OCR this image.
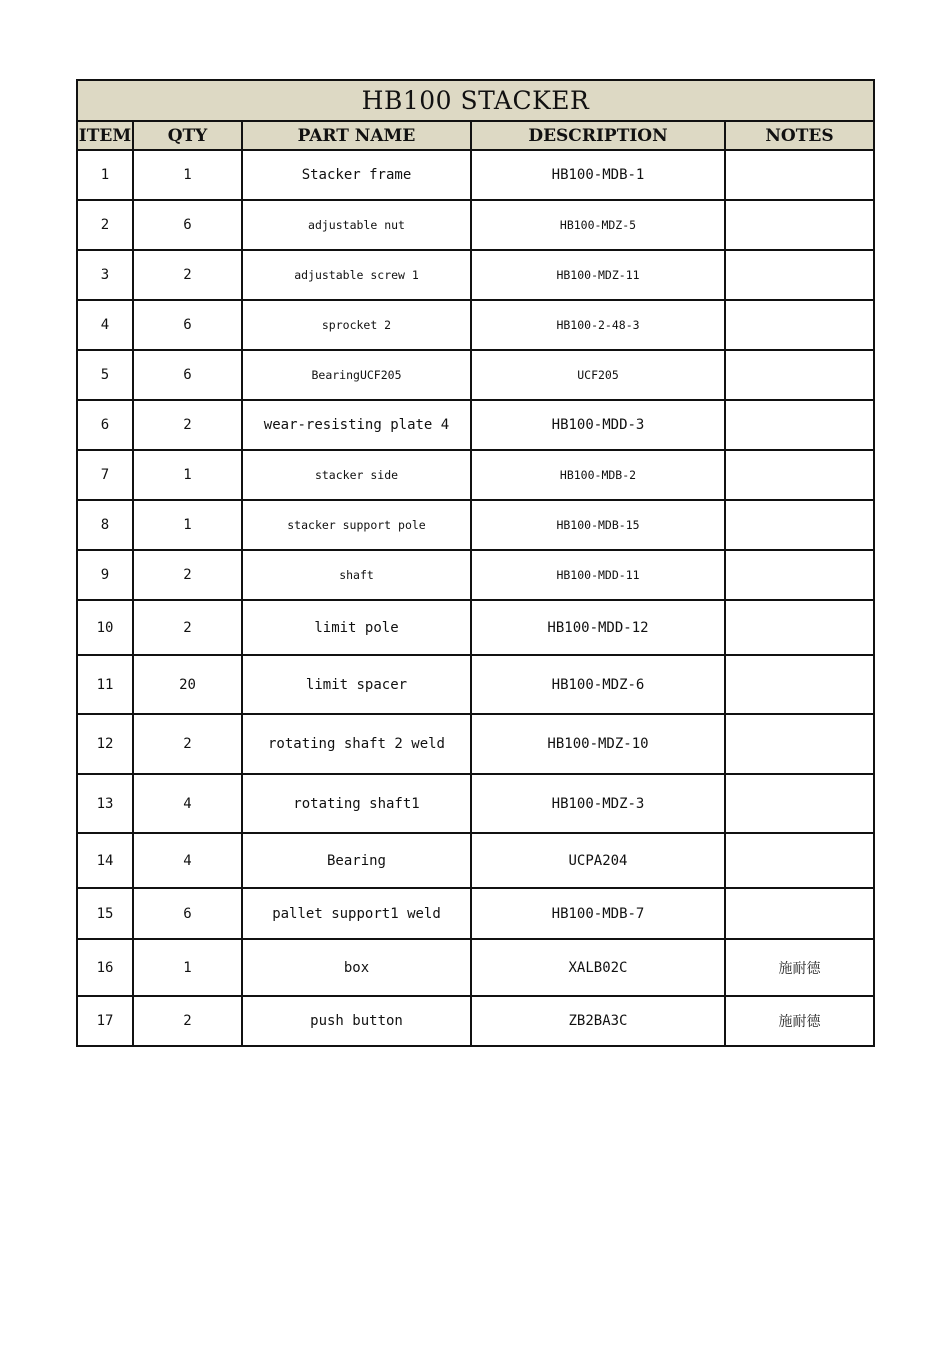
HB100 STACKER				
ITEM	QTY	PART NAME	DESCRIPTION	NOTES
1	1	Stacker frame	HB100-MDB-1	
2	6	adjustable nut	HB100-MDZ-5	
3	2	adjustable screw 1	HB100-MDZ-11	
4	6	sprocket 2	HB100-2-48-3	
5	6	BearingUCF205	UCF205	
6	2	wear-resisting plate 4	HB100-MDD-3	
7	1	stacker side	HB100-MDB-2	
8	1	stacker support pole	HB100-MDB-15	
9	2	shaft	HB100-MDD-11	
10	2	limit pole	HB100-MDD-12	
11	20	limit spacer	HB100-MDZ-6	
12	2	rotating shaft 2 weld	HB100-MDZ-10	
13	4	rotating shaft1	HB100-MDZ-3	
14	4	Bearing	UCPA204	
15	6	pallet support1 weld	HB100-MDB-7	
16	1	box	XALB02C	施耐德
17	2	push button	ZB2BA3C	施耐德
